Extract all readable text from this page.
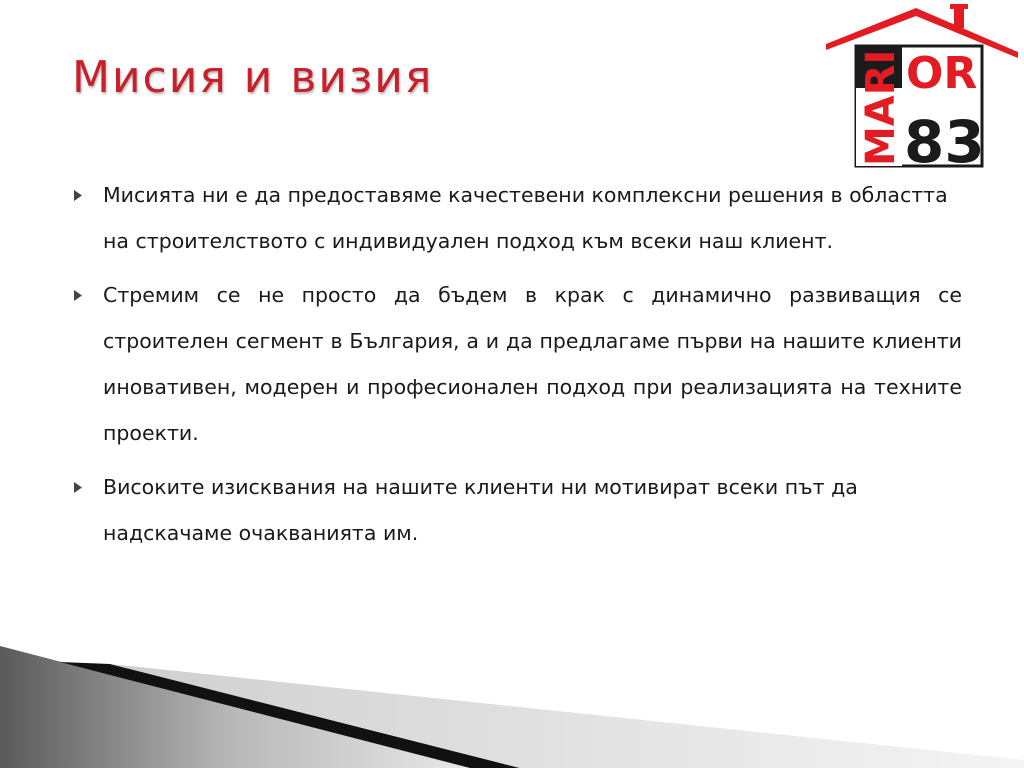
Мисия и визия	MARI OR
83

Мисията ни е да предоставяме качестевени комплексни решения в областта на строителството с индивидуален подход към всеки наш клиент.

Стремим се не просто да бъдем в крак с динамично развиващия се строителен сегмент в България, а и да предлагаме първи на нашите клиенти иновативен, модерен и професионален подход при реализацията на техните проекти.

Високите изисквания на нашите клиенти ни мотивират всеки път да надскачаме очакванията им.
